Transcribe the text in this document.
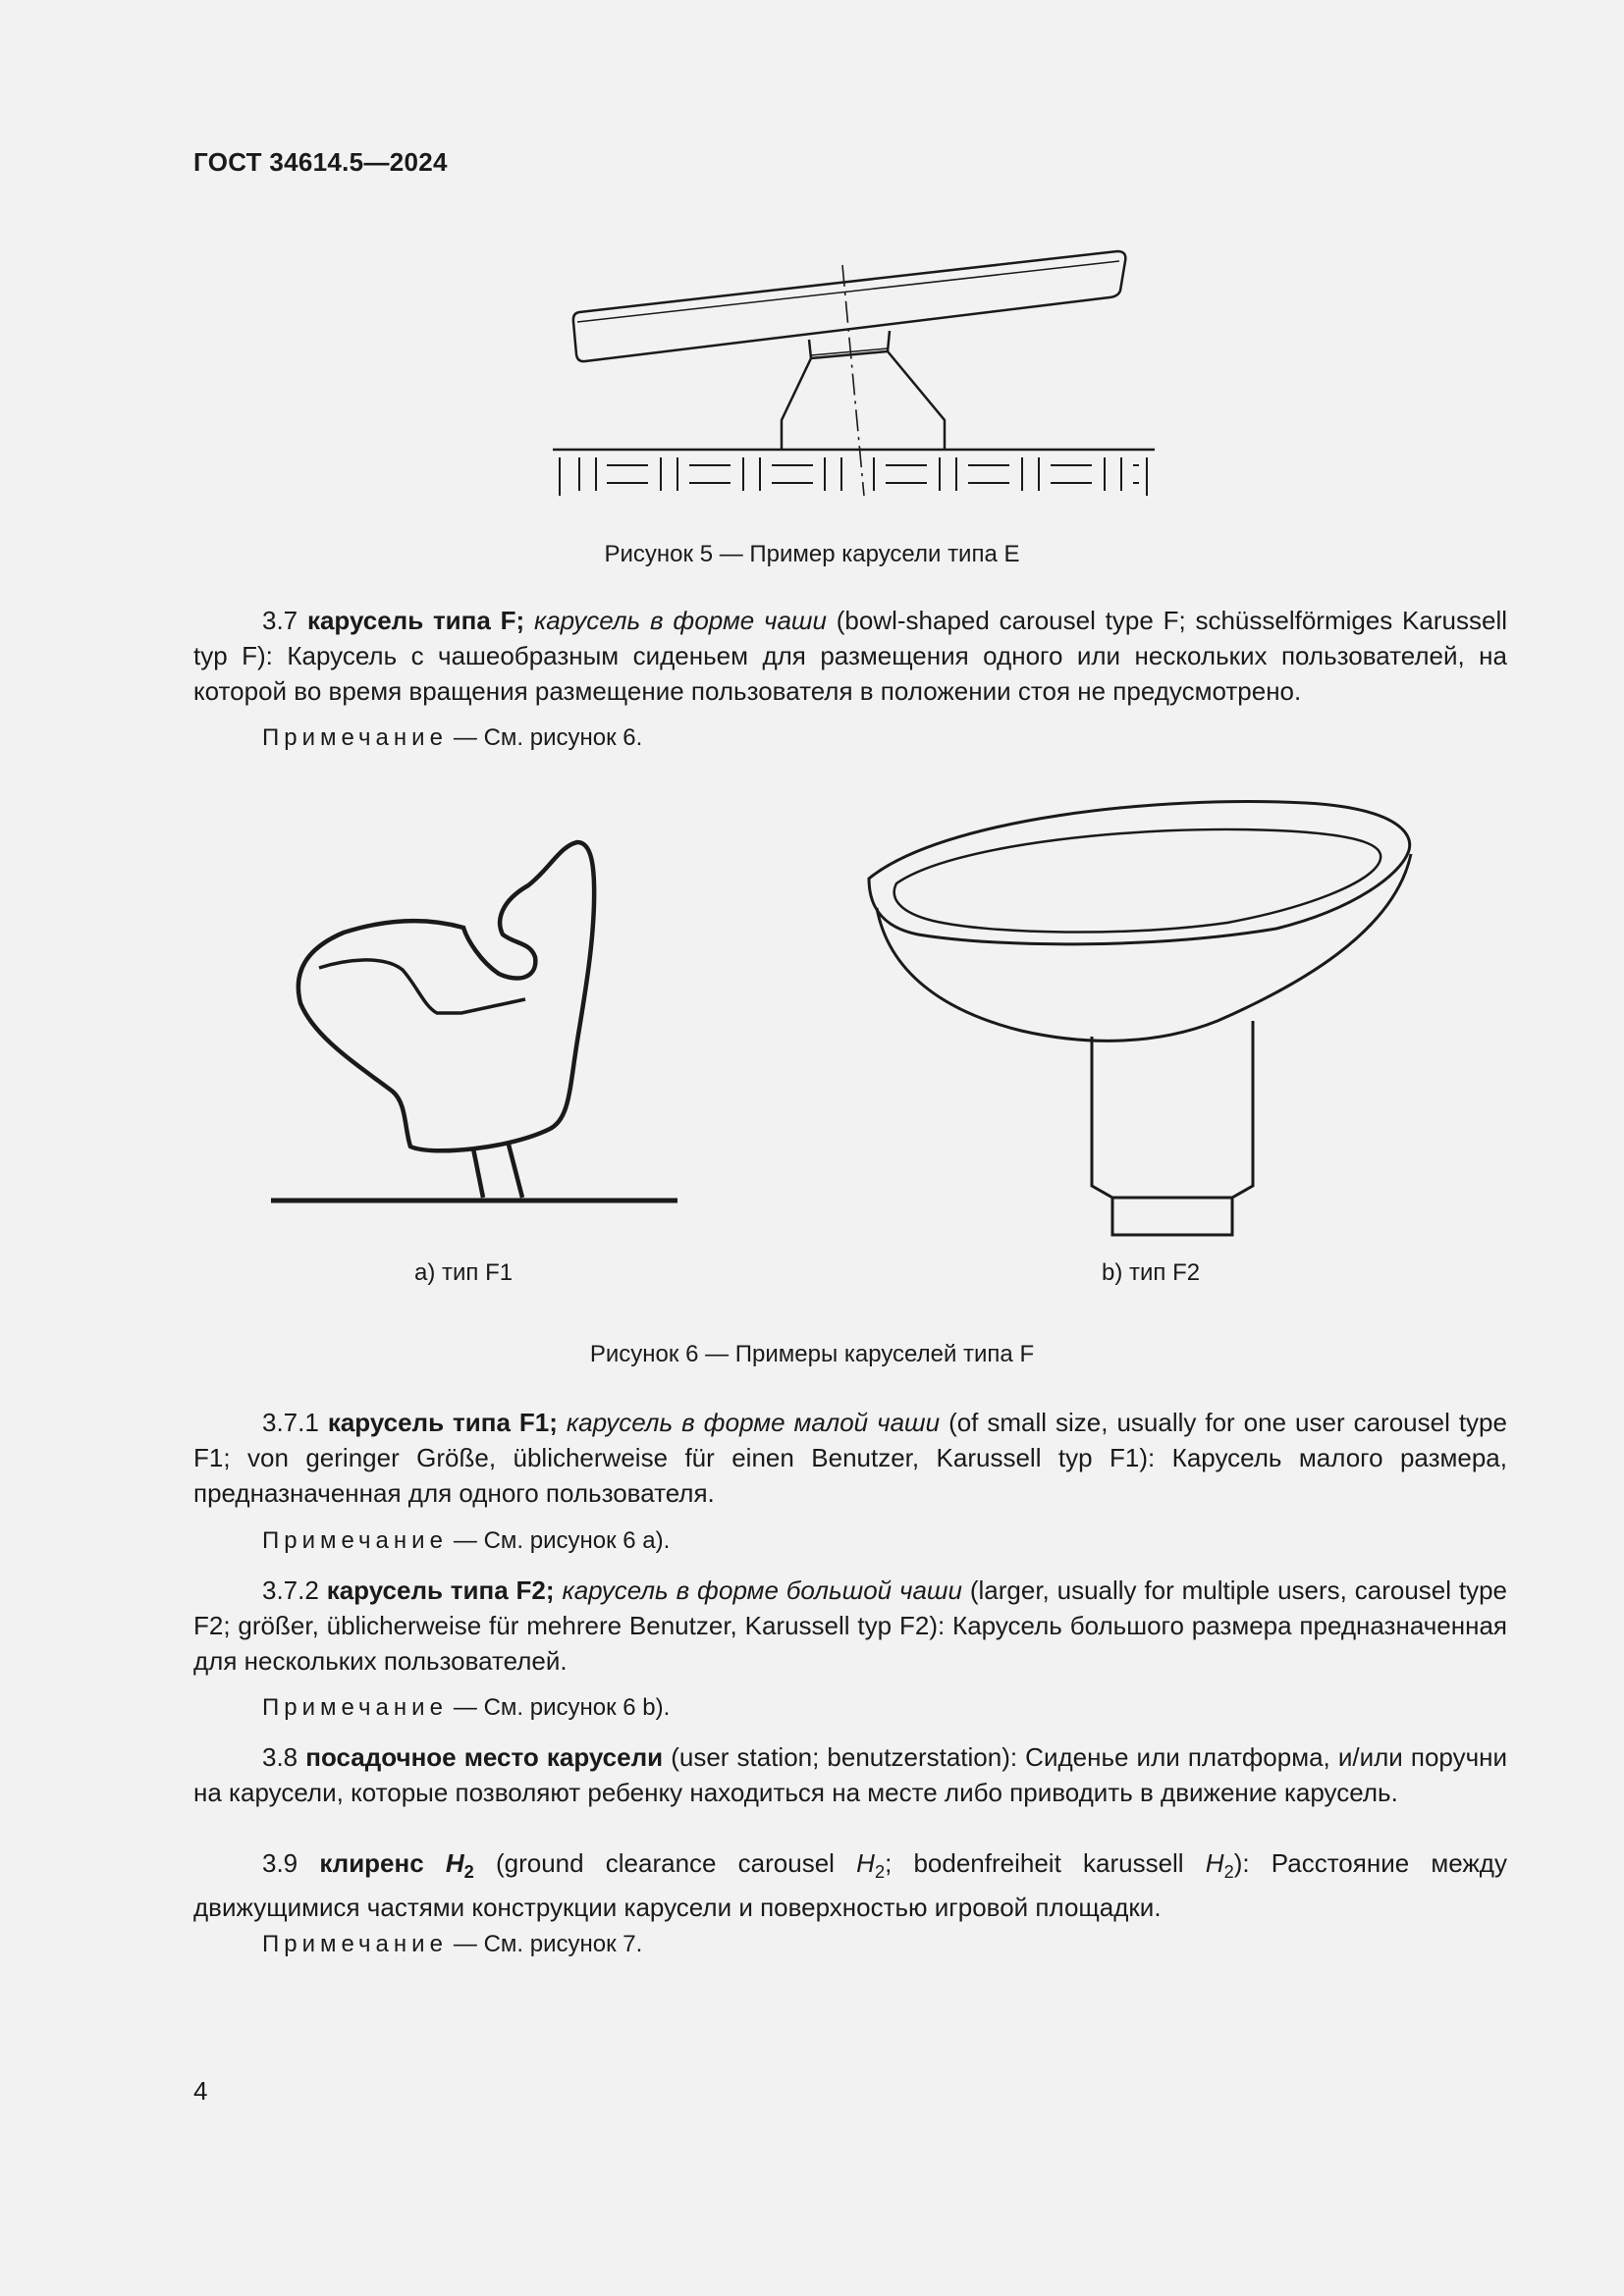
ГОСТ 34614.5—2024
Рисунок 5 — Пример карусели типа E
3.7 карусель типа F; карусель в форме чаши (bowl-shaped carousel type F; schüsselförmiges Karussell typ F): Карусель с чашеобразным сиденьем для размещения одного или нескольких пользователей, на которой во время вращения размещение пользователя в положении стоя не предусмотрено.
Примечание — См. рисунок 6.
a) тип F1	b) тип F2
Рисунок 6 — Примеры каруселей типа F
3.7.1 карусель типа F1; карусель в форме малой чаши (of small size, usually for one user carousel type F1; von geringer Größe, üblicherweise für einen Benutzer, Karussell typ F1): Карусель малого размера, предназначенная для одного пользователя.
Примечание — См. рисунок 6 a).
3.7.2 карусель типа F2; карусель в форме большой чаши (larger, usually for multiple users, carousel type F2; größer, üblicherweise für mehrere Benutzer, Karussell typ F2): Карусель большого размера предназначенная для нескольких пользователей.
Примечание — См. рисунок 6 b).
3.8 посадочное место карусели (user station; benutzerstation): Сиденье или платформа, и/или поручни на карусели, которые позволяют ребенку находиться на месте либо приводить в движение карусель.
3.9 клиренс $H_2$ (ground clearance carousel $H_2$; bodenfreiheit karussell $H_2$): Расстояние между движущимися частями конструкции карусели и поверхностью игровой площадки.
Примечание — См. рисунок 7.
4
